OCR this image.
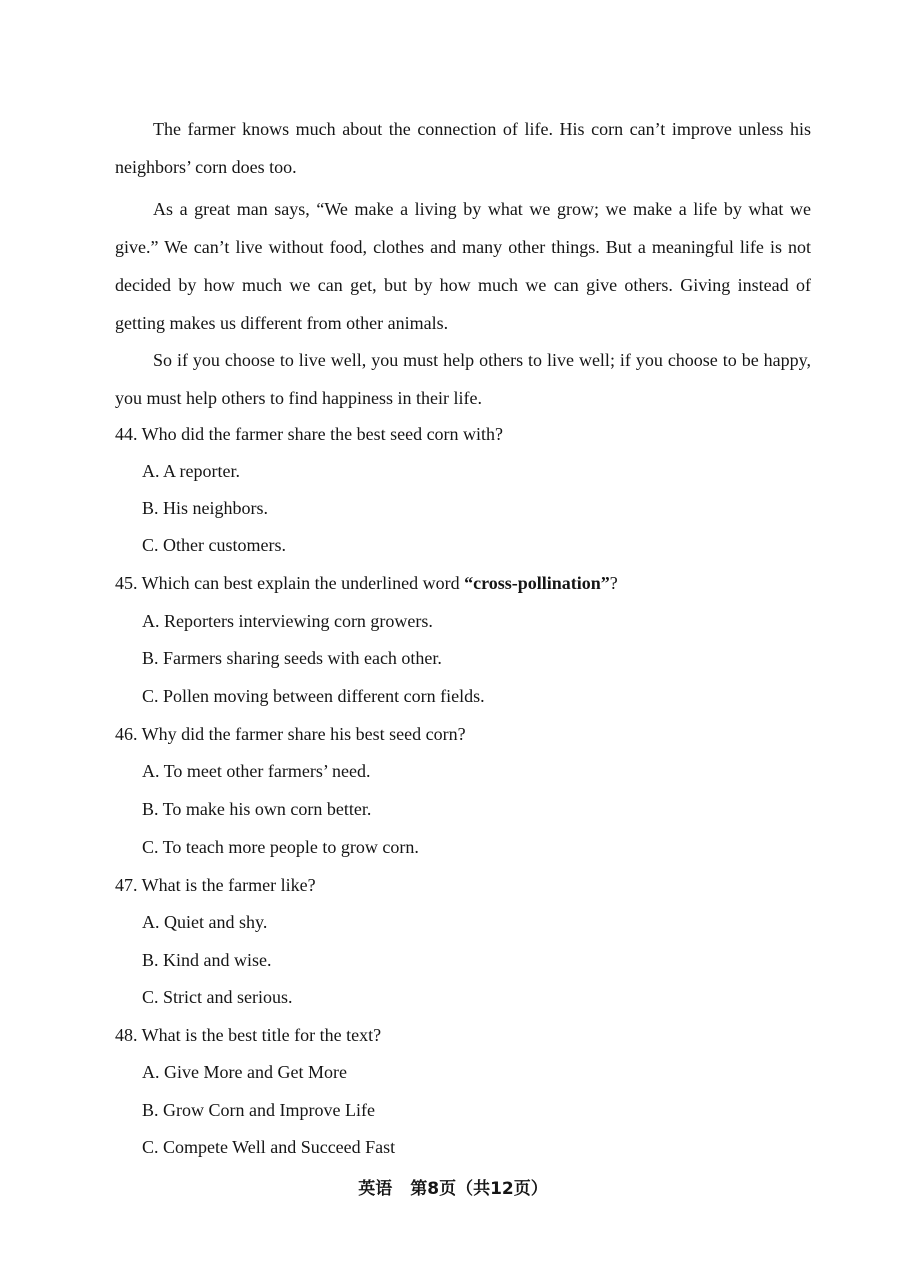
The farmer knows much about the connection of life. His corn can’t improve unless his neighbors’ corn does too.

As a great man says, “We make a living by what we grow; we make a life by what we give.” We can’t live without food, clothes and many other things. But a meaningful life is not decided by how much we can get, but by how much we can give others. Giving instead of getting makes us different from other animals.

So if you choose to live well, you must help others to live well; if you choose to be happy, you must help others to find happiness in their life.

44. Who did the farmer share the best seed corn with?

A. A reporter.

B. His neighbors.

C. Other customers.

45. Which can best explain the underlined word “cross-pollination”?

A. Reporters interviewing corn growers.

B. Farmers sharing seeds with each other.

C. Pollen moving between different corn fields.

46. Why did the farmer share his best seed corn?

A. To meet other farmers’ need.

B. To make his own corn better.

C. To teach more people to grow corn.

47. What is the farmer like?

A. Quiet and shy.

B. Kind and wise.

C. Strict and serious.

48. What is the best title for the text?

A. Give More and Get More

B. Grow Corn and Improve Life

C. Compete Well and Succeed Fast

英语 第8页（共12页）
